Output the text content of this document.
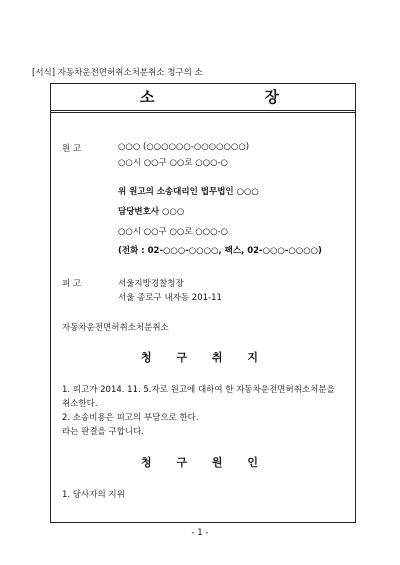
[서식] 자동차운전면허취소처분취소 청구의 소
소	장
원 고	○○○ (○○○○○○-○○○○○○○)
○○시 ○○구 ○○로 ○○○-○
위 원고의 소송대리인 법무법인 ○○○
담당변호사 ○○○
○○시 ○○구 ○○로 ○○○-○
(전화 : 02-○○○-○○○○, 팩스, 02-○○○-○○○○)
피 고	서울지방경찰청장
서울 종로구 내자동 201-11
자동차운전면허취소처분취소
청 구 취 지
1. 피고가 2014. 11. 5.자로 원고에 대하여 한 자동차운전면허취소처분을
취소한다.
2. 소송비용은 피고의 부담으로 한다.
라는 판결을 구합니다.
청 구 원 인
1. 당사자의 지위
- 1 -
